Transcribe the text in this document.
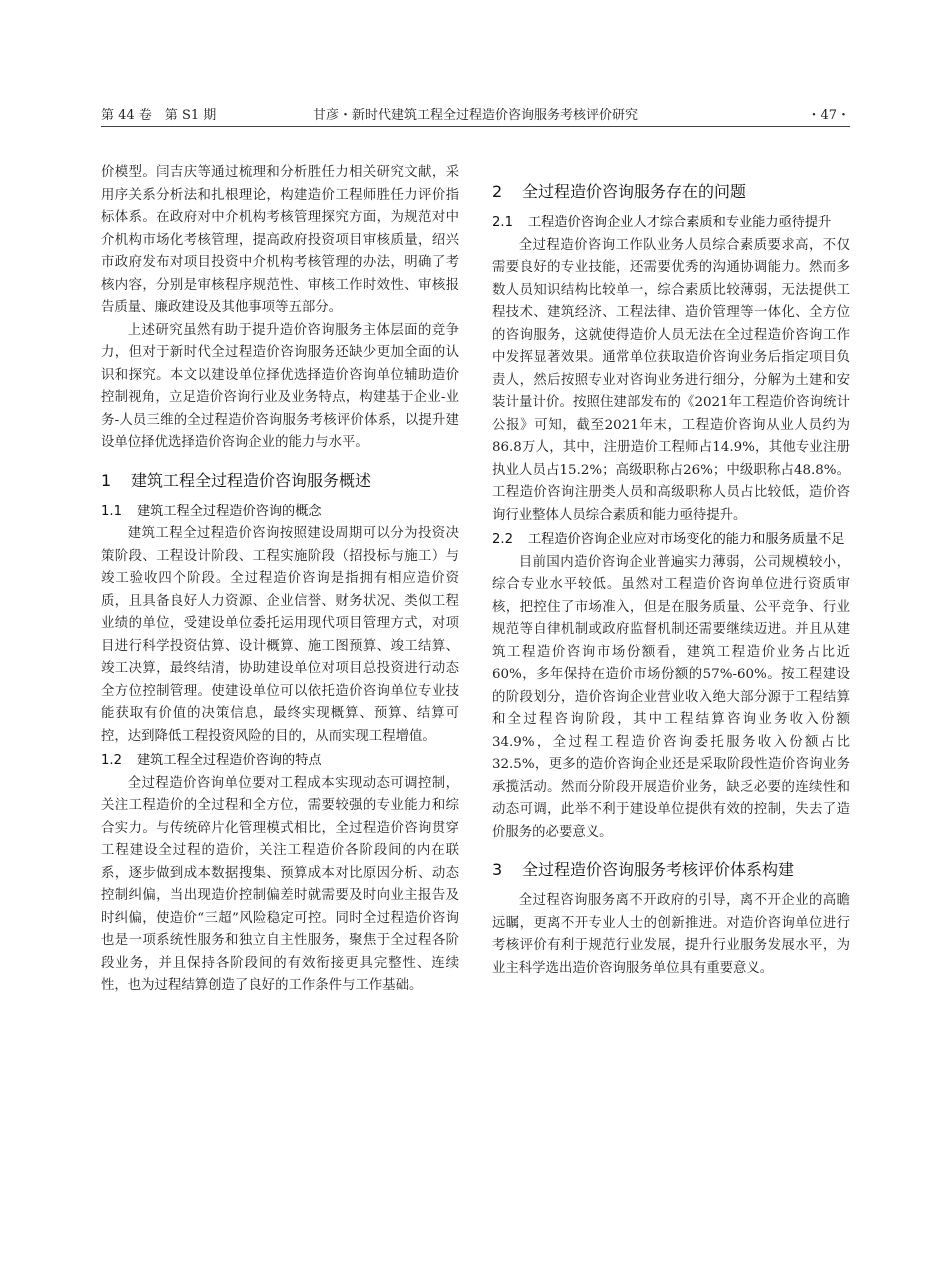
第 44 卷　第 S1 期	甘彦・新时代建筑工程全过程造价咨询服务考核评价研究	・47・

价模型。闫吉庆等通过梳理和分析胜任力相关研究文献，采用序关系分析法和扎根理论，构建造价工程师胜任力评价指标体系。在政府对中介机构考核管理探究方面，为规范对中介机构市场化考核管理，提高政府投资项目审核质量，绍兴市政府发布对项目投资中介机构考核管理的办法，明确了考核内容，分别是审核程序规范性、审核工作时效性、审核报告质量、廉政建设及其他事项等五部分。

上述研究虽然有助于提升造价咨询服务主体层面的竞争力，但对于新时代全过程造价咨询服务还缺少更加全面的认识和探究。本文以建设单位择优选择造价咨询单位辅助造价控制视角，立足造价咨询行业及业务特点，构建基于企业-业务-人员三维的全过程造价咨询服务考核评价体系，以提升建设单位择优选择造价咨询企业的能力与水平。

1 建筑工程全过程造价咨询服务概述
1.1 建筑工程全过程造价咨询的概念

建筑工程全过程造价咨询按照建设周期可以分为投资决策阶段、工程设计阶段、工程实施阶段（招投标与施工）与竣工验收四个阶段。全过程造价咨询是指拥有相应造价资质，且具备良好人力资源、企业信誉、财务状况、类似工程业绩的单位，受建设单位委托运用现代项目管理方式，对项目进行科学投资估算、设计概算、施工图预算、竣工结算、竣工决算，最终结清，协助建设单位对项目总投资进行动态全方位控制管理。使建设单位可以依托造价咨询单位专业技能获取有价值的决策信息，最终实现概算、预算、结算可控，达到降低工程投资风险的目的，从而实现工程增值。

1.2 建筑工程全过程造价咨询的特点

全过程造价咨询单位要对工程成本实现动态可调控制，关注工程造价的全过程和全方位，需要较强的专业能力和综合实力。与传统碎片化管理模式相比，全过程造价咨询贯穿工程建设全过程的造价，关注工程造价各阶段间的内在联系，逐步做到成本数据搜集、预算成本对比原因分析、动态控制纠偏，当出现造价控制偏差时就需要及时向业主报告及时纠偏，使造价“三超”风险稳定可控。同时全过程造价咨询也是一项系统性服务和独立自主性服务，聚焦于全过程各阶段业务，并且保持各阶段间的有效衔接更具完整性、连续性，也为过程结算创造了良好的工作条件与工作基础。

2 全过程造价咨询服务存在的问题
2.1 工程造价咨询企业人才综合素质和专业能力亟待提升

全过程造价咨询工作队业务人员综合素质要求高，不仅需要良好的专业技能，还需要优秀的沟通协调能力。然而多数人员知识结构比较单一，综合素质比较薄弱，无法提供工程技术、建筑经济、工程法律、造价管理等一体化、全方位的咨询服务，这就使得造价人员无法在全过程造价咨询工作中发挥显著效果。通常单位获取造价咨询业务后指定项目负责人，然后按照专业对咨询业务进行细分，分解为土建和安装计量计价。按照住建部发布的《2021年工程造价咨询统计公报》可知，截至2021年末，工程造价咨询从业人员约为86.8万人，其中，注册造价工程师占14.9%，其他专业注册执业人员占15.2%；高级职称占26%；中级职称占48.8%。工程造价咨询注册类人员和高级职称人员占比较低，造价咨询行业整体人员综合素质和能力亟待提升。

2.2 工程造价咨询企业应对市场变化的能力和服务质量不足

目前国内造价咨询企业普遍实力薄弱，公司规模较小，综合专业水平较低。虽然对工程造价咨询单位进行资质审核，把控住了市场准入，但是在服务质量、公平竞争、行业规范等自律机制或政府监督机制还需要继续迈进。并且从建筑工程造价咨询市场份额看，建筑工程造价业务占比近60%，多年保持在造价市场份额的57%-60%。按工程建设的阶段划分，造价咨询企业营业收入绝大部分源于工程结算和全过程咨询阶段，其中工程结算咨询业务收入份额34.9%，全过程工程造价咨询委托服务收入份额占比32.5%，更多的造价咨询企业还是采取阶段性造价咨询业务承揽活动。然而分阶段开展造价业务，缺乏必要的连续性和动态可调，此举不利于建设单位提供有效的控制，失去了造价服务的必要意义。

3 全过程造价咨询服务考核评价体系构建

全过程咨询服务离不开政府的引导，离不开企业的高瞻远瞩，更离不开专业人士的创新推进。对造价咨询单位进行考核评价有利于规范行业发展，提升行业服务发展水平，为业主科学选出造价咨询服务单位具有重要意义。
